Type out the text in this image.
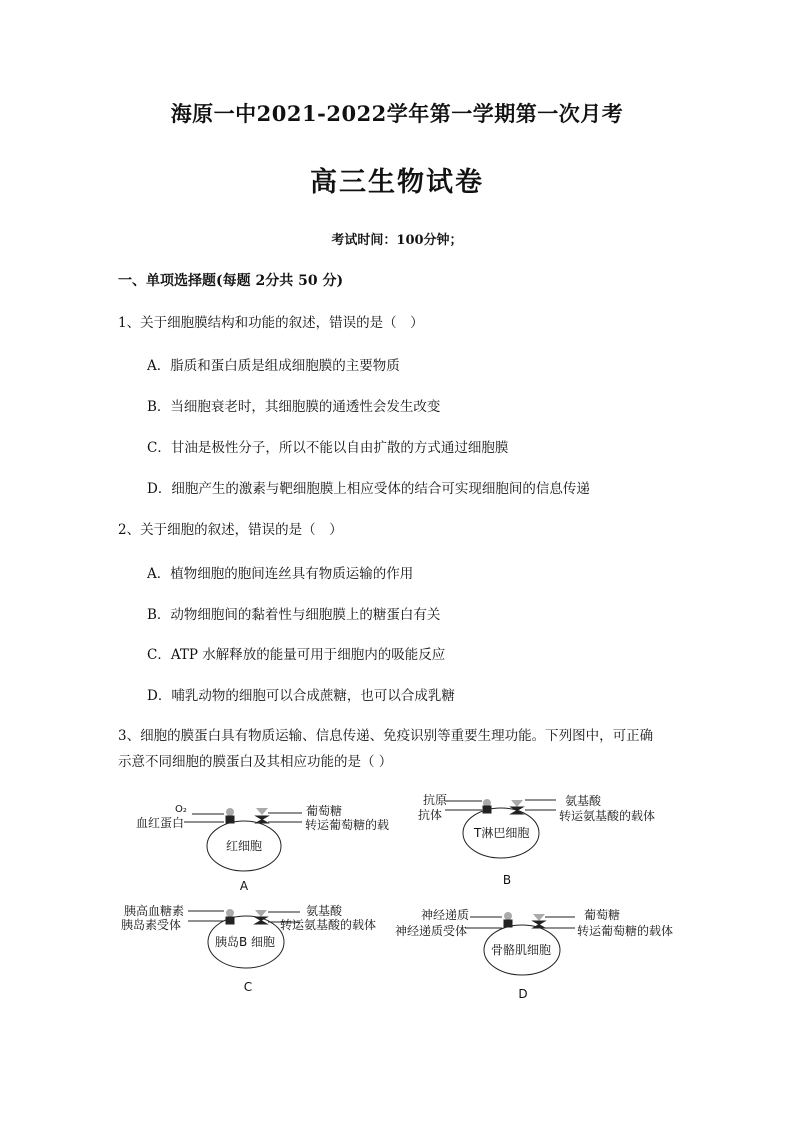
海原一中2021-2022学年第一学期第一次月考
高三生物试卷
考试时间：100分钟；
一、单项选择题(每题 2分共 50 分)
1、关于细胞膜结构和功能的叙述，错误的是（　）
A．脂质和蛋白质是组成细胞膜的主要物质
B．当细胞衰老时，其细胞膜的通透性会发生改变
C．甘油是极性分子，所以不能以自由扩散的方式通过细胞膜
D．细胞产生的激素与靶细胞膜上相应受体的结合可实现细胞间的信息传递
2、关于细胞的叙述，错误的是（　）
A．植物细胞的胞间连丝具有物质运输的作用
B．动物细胞间的黏着性与细胞膜上的糖蛋白有关
C．ATP 水解释放的能量可用于细胞内的吸能反应
D．哺乳动物的细胞可以合成蔗糖，也可以合成乳糖
3、细胞的膜蛋白具有物质运输、信息传递、免疫识别等重要生理功能。下列图中，可正确
示意不同细胞的膜蛋白及其相应功能的是（ ）
O₂
血红蛋白
葡萄糖
转运葡萄糖的载
红细胞
A
抗原
抗体
氨基酸
转运氨基酸的载体
T淋巴细胞
B
胰高血糖素
胰岛素受体
氨基酸
转运氨基酸的载体
胰岛B 细胞
C
神经递质
神经递质受体
葡萄糖
转运葡萄糖的载体
骨骼肌细胞
D
